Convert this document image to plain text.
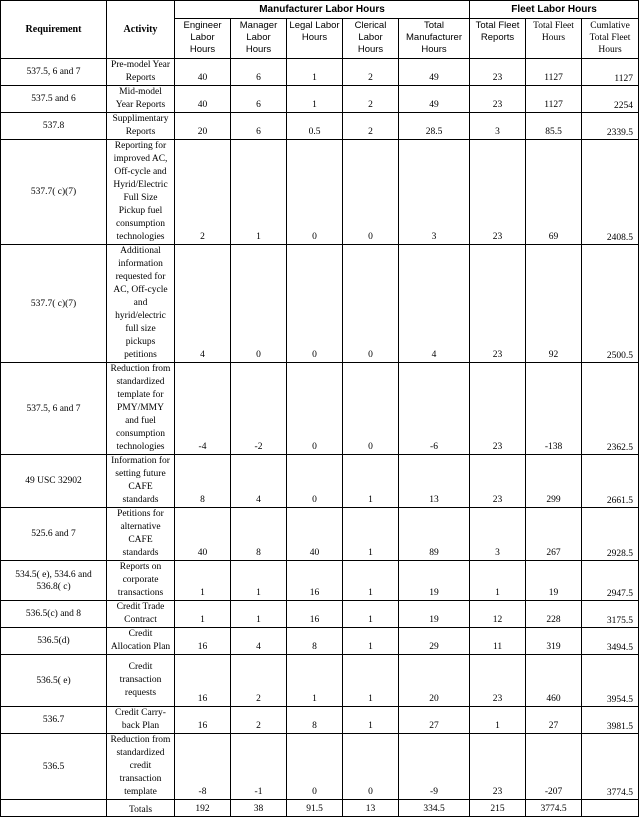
Requirement	Activity	Manufacturer Labor Hours					Fleet Labor Hours		
		Engineer Labor Hours	Manager Labor Hours	Legal Labor Hours	Clerical Labor Hours	Total Manufacturer Hours	Total Fleet Reports	Total Fleet Hours	Cumlative Total Fleet Hours
537.5, 6 and 7	Pre-model Year Reports	40	6	1	2	49	23	1127	1127
537.5 and 6	Mid-model Year Reports	40	6	1	2	49	23	1127	2254
537.8	Supplimentary Reports	20	6	0.5	2	28.5	3	85.5	2339.5
537.7( c)(7)	Reporting for improved AC, Off-cycle and Hyrid/Electric Full Size Pickup fuel consumption technologies	2	1	0	0	3	23	69	2408.5
537.7( c)(7)	Additional information requested for AC, Off-cycle and hyrid/electric full size pickups petitions	4	0	0	0	4	23	92	2500.5
537.5, 6 and 7	Reduction from standardized template for PMY/MMY and fuel consumption technologies	-4	-2	0	0	-6	23	-138	2362.5
49 USC 32902	Information for setting future CAFE standards	8	4	0	1	13	23	299	2661.5
525.6 and 7	Petitions for alternative CAFE standards	40	8	40	1	89	3	267	2928.5
534.5( e), 534.6 and 536.8( c)	Reports on corporate transactions	1	1	16	1	19	1	19	2947.5
536.5(c) and 8	Credit Trade Contract	1	1	16	1	19	12	228	3175.5
536.5(d)	Credit Allocation Plan	16	4	8	1	29	11	319	3494.5
536.5( e)	Credit transaction requests	16	2	1	1	20	23	460	3954.5
536.7	Credit Carry-back Plan	16	2	8	1	27	1	27	3981.5
536.5	Reduction from standardized credit transaction template	-8	-1	0	0	-9	23	-207	3774.5
	Totals	192	38	91.5	13	334.5	215	3774.5	
